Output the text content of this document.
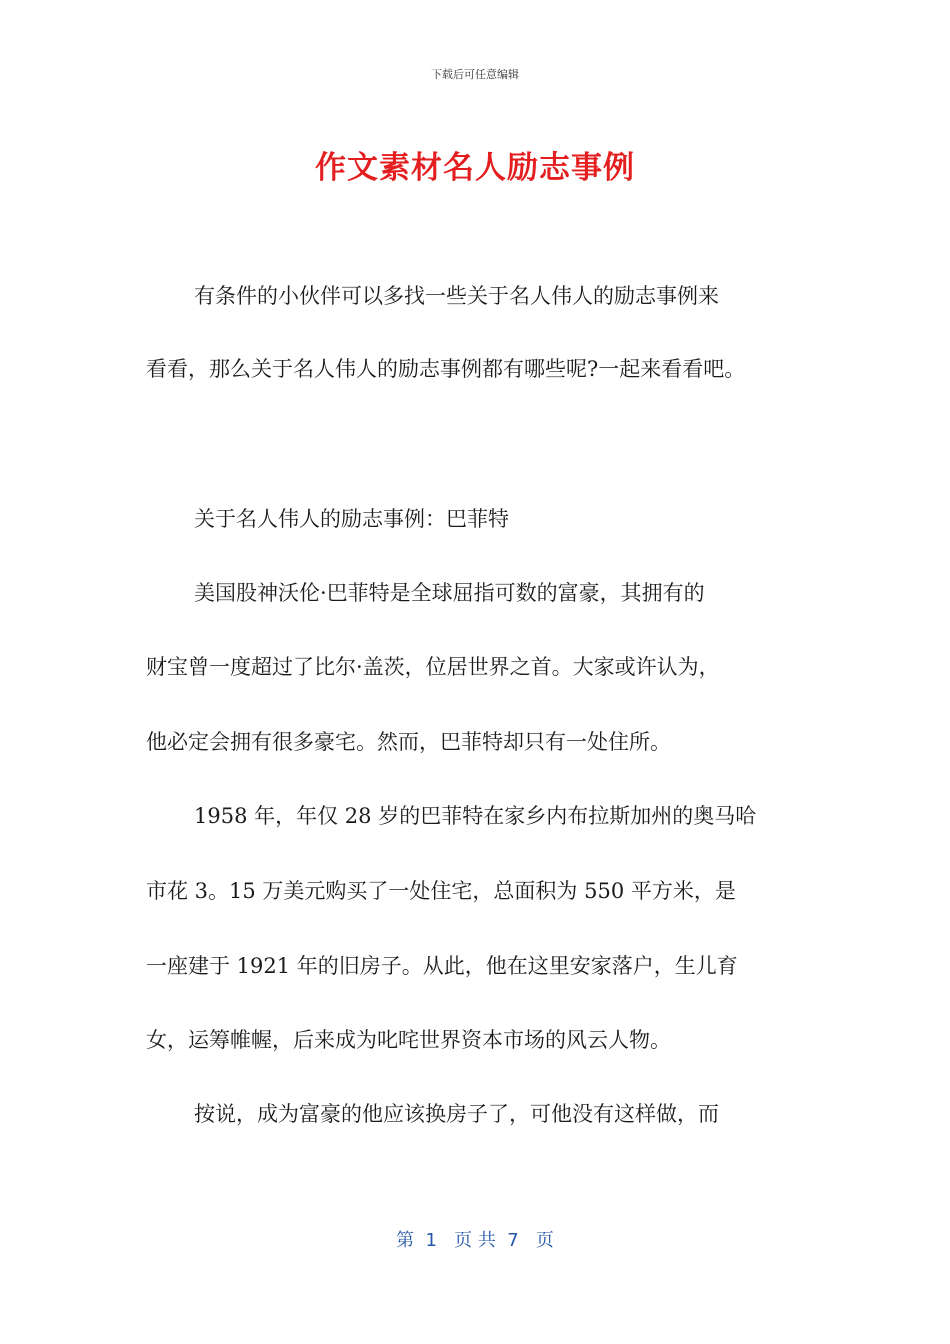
下载后可任意编辑
作文素材名人励志事例
有条件的小伙伴可以多找一些关于名人伟人的励志事例来
看看，那么关于名人伟人的励志事例都有哪些呢?一起来看看吧。
关于名人伟人的励志事例：巴菲特
美国股神沃伦·巴菲特是全球屈指可数的富豪，其拥有的
财宝曾一度超过了比尔·盖茨，位居世界之首。大家或许认为，
他必定会拥有很多豪宅。然而，巴菲特却只有一处住所。
1958 年，年仅 28 岁的巴菲特在家乡内布拉斯加州的奥马哈
市花 3。15 万美元购买了一处住宅，总面积为 550 平方米，是
一座建于 1921 年的旧房子。从此，他在这里安家落户，生儿育
女，运筹帷幄，后来成为叱咤世界资本市场的风云人物。
按说，成为富豪的他应该换房子了，可他没有这样做，而
第  1   页 共  7   页
